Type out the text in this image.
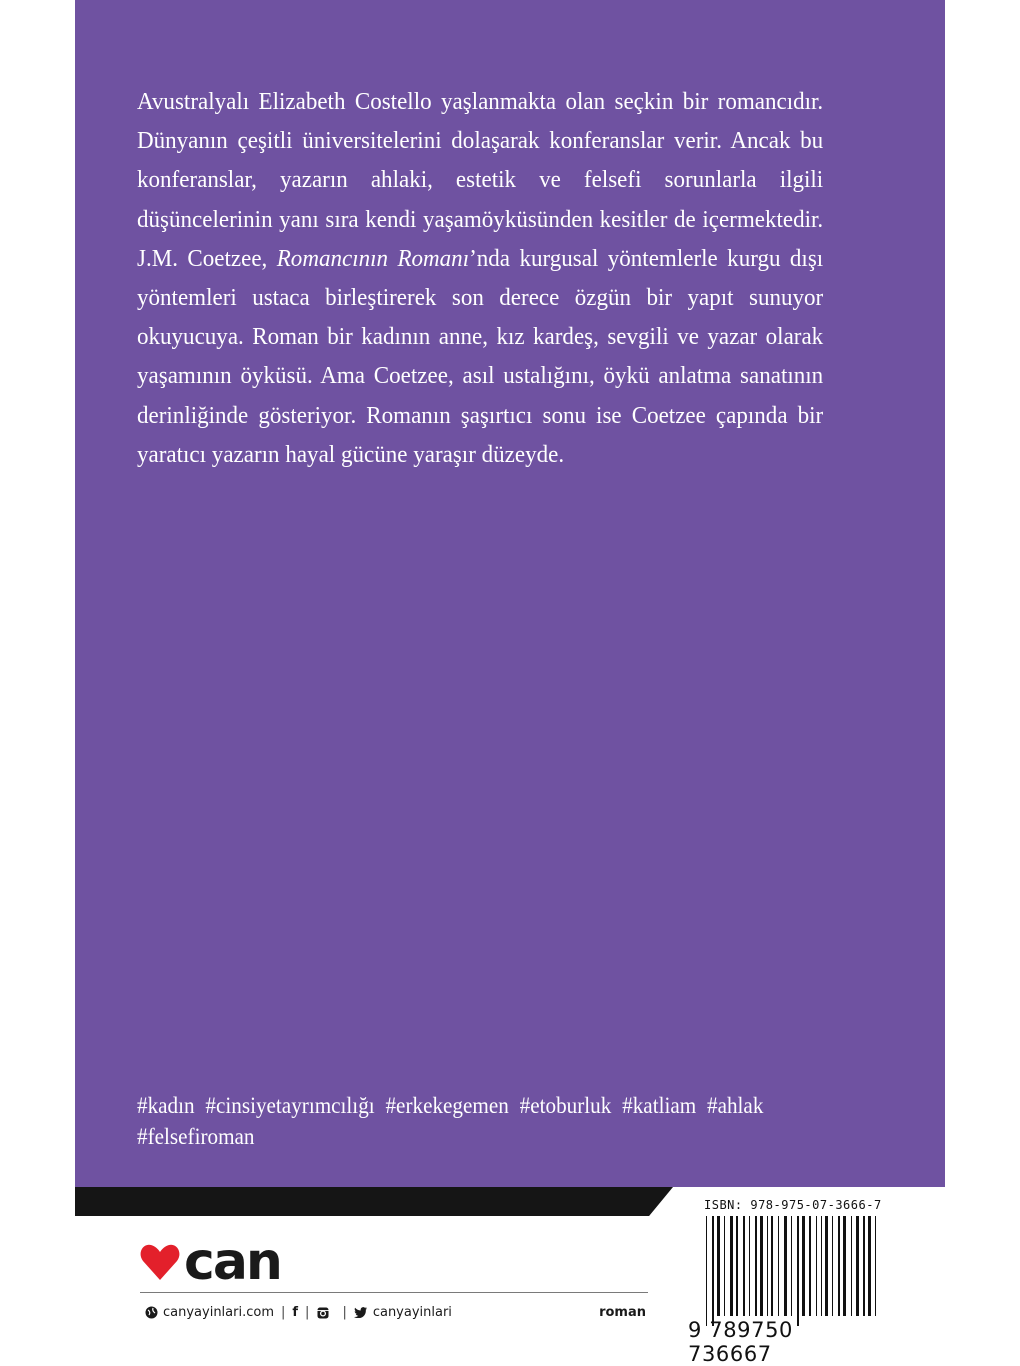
Avustralyalı Elizabeth Costello yaşlanmakta olan seçkin bir romancıdır. Dünyanın çeşitli üniversitelerini dolaşarak konferanslar verir. Ancak bu konferanslar, yazarın ahlaki, estetik ve felsefi sorunlarla ilgili düşüncelerinin yanı sıra kendi yaşamöyküsünden kesitler de içermektedir. J.M. Coetzee, Romancının Romanı’nda kurgusal yöntemlerle kurgu dışı yöntemleri ustaca birleştirerek son derece özgün bir yapıt sunuyor okuyucuya. Roman bir kadının anne, kız kardeş, sevgili ve yazar olarak yaşamının öyküsü. Ama Coetzee, asıl ustalığını, öykü anlatma sanatının derinliğinde gösteriyor. Romanın şaşırtıcı sonu ise Coetzee çapında bir yaratıcı yazarın hayal gücüne yaraşır düzeyde.

#kadın #cinsiyetayrımcılığı #erkekegemen #etoburluk #katliam #ahlak
#felsefiroman
can
canyayinlari.com | f |	| canyayinlari	roman
ISBN: 978-975-07-3666-7
9 789750 736667
